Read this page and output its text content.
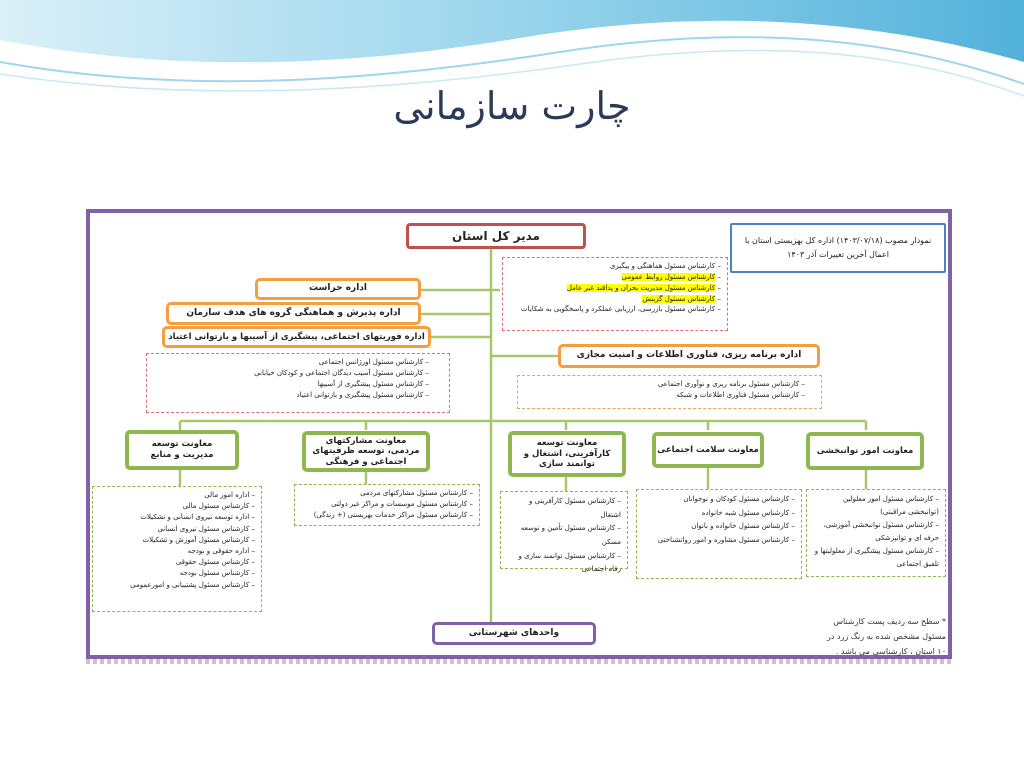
چارت سازمانی
مدیر کل استان	نمودار مصوب (۱۴۰۳/۰۷/۱۸) اداره کل بهزیستی استان با اعمال آخرین تغییرات آذر ۱۴۰۳
– کارشناس مسئول هماهنگی و پیگیری
– کارشناس مسئول روابط عمومی
– کارشناس مسئول مدیریت بحران و پدافند غیر عامل
– کارشناس مسئول گزینش
– کارشناس مسئول بازرسی، ارزیابی عملکرد و پاسخگویی به شکایات
اداره حراست
اداره پذیرش و هماهنگی گروه های هدف سازمان
اداره فوریتهای اجتماعی، پیشگیری از آسیبها و بازتوانی اعتیاد
– کارشناس مسئول اورژانس اجتماعی
– کارشناس مسئول آسیب دیدگان اجتماعی و کودکان خیابانی
– کارشناس مسئول پیشگیری از آسیبها
– کارشناس مسئول پیشگیری و بازتوانی اعتیاد
اداره برنامه ریزی، فناوری اطلاعات و امنیت مجازی
– کارشناس مسئول برنامه ریزی و نوآوری اجتماعی
– کارشناس مسئول فناوری اطلاعات و شبکه
معاونت امور توانبخشی
معاونت سلامت اجتماعی
معاونت توسعه کارآفرینی، اشتغال و توانمند سازی
معاونت مشارکتهای مردمی، توسعه ظرفیتهای اجتماعی و فرهنگی
معاونت توسعه مدیریت و منابع
– کارشناس مسئول امور معلولین (توانبخشی مراقبتی)
– کارشناس مسئول توانبخشی آموزشی، حرفه ای و توانپزشکی
– کارشناس مسئول پیشگیری از معلولیتها و تلفیق اجتماعی
– کارشناس مسئول کودکان و نوجوانان
– کارشناس مسئول شبه خانواده
– کارشناس مسئول خانواده و بانوان
– کارشناس مسئول مشاوره و امور روانشناختی
– کارشناس مسئول کارآفرینی و اشتغال
– کارشناس مسئول تأمین و توسعه مسکن
– کارشناس مسئول توانمند سازی و رفاه اجتماعی
– کارشناس مسئول مشارکتهای مردمی
– کارشناس مسئول موسسات و مراکز غیر دولتی
– کارشناس مسئول مراکز خدمات بهزیستی (+ زندگی)
– اداره امور مالی
– کارشناس مسئول مالی
– اداره توسعه نیروی انسانی و تشکیلات
– کارشناس مسئول نیروی انسانی
– کارشناس مسئول آموزش و تشکیلات
– اداره حقوقی و بودجه
– کارشناس مسئول حقوقی
– کارشناس مسئول بودجه
– کارشناس مسئول پشتیبانی و امورعمومی
واحدهای شهرستانی
* سطح سه ردیف پست کارشناس مسئول مشخص شده به رنگ زرد در ۱۰ استان ، کارشناسی می باشد .
